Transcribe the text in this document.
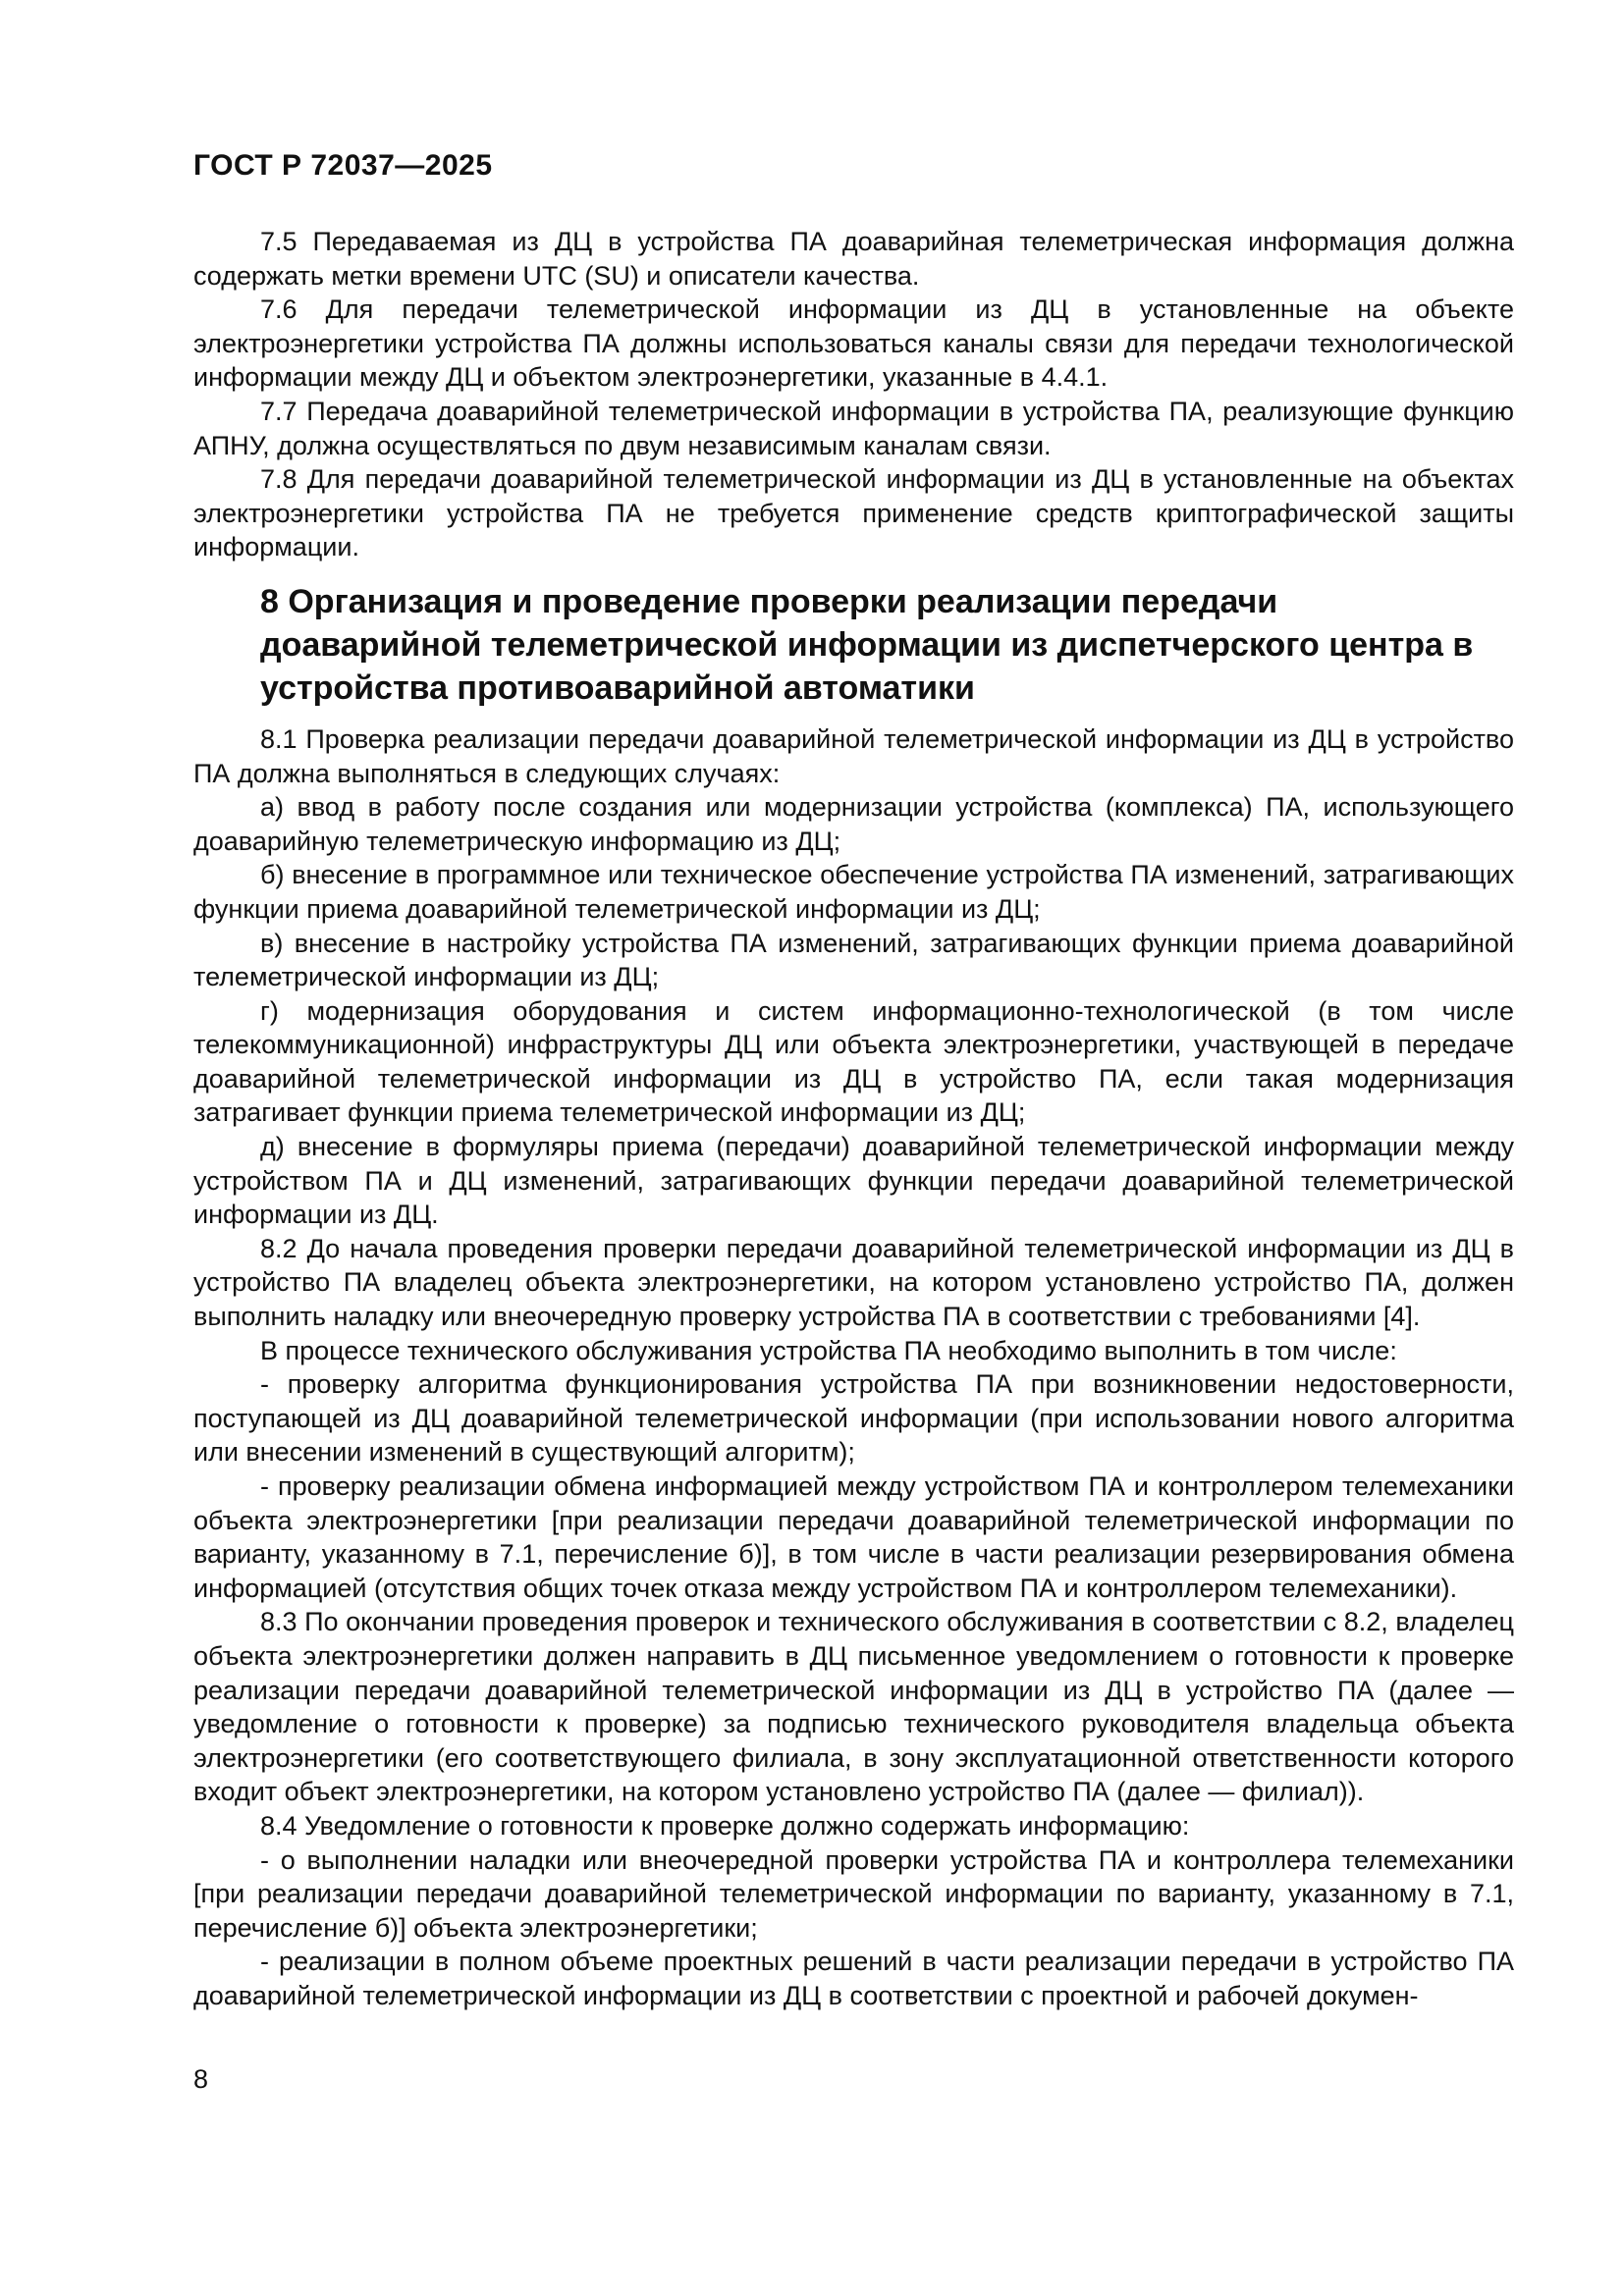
ГОСТ Р 72037—2025

7.5 Передаваемая из ДЦ в устройства ПА доаварийная телеметрическая информация должна содержать метки времени UTC (SU) и описатели качества.

7.6 Для передачи телеметрической информации из ДЦ в установленные на объекте электроэнергетики устройства ПА должны использоваться каналы связи для передачи технологической информации между ДЦ и объектом электроэнергетики, указанные в 4.4.1.

7.7 Передача доаварийной телеметрической информации в устройства ПА, реализующие функцию АПНУ, должна осуществляться по двум независимым каналам связи.

7.8 Для передачи доаварийной телеметрической информации из ДЦ в установленные на объектах электроэнергетики устройства ПА не требуется применение средств криптографической защиты информации.

8 Организация и проведение проверки реализации передачи доаварийной телеметрической информации из диспетчерского центра в устройства противоаварийной автоматики

8.1 Проверка реализации передачи доаварийной телеметрической информации из ДЦ в устройство ПА должна выполняться в следующих случаях:

а) ввод в работу после создания или модернизации устройства (комплекса) ПА, использующего доаварийную телеметрическую информацию из ДЦ;

б) внесение в программное или техническое обеспечение устройства ПА изменений, затрагивающих функции приема доаварийной телеметрической информации из ДЦ;

в) внесение в настройку устройства ПА изменений, затрагивающих функции приема доаварийной телеметрической информации из ДЦ;

г) модернизация оборудования и систем информационно-технологической (в том числе телекоммуникационной) инфраструктуры ДЦ или объекта электроэнергетики, участвующей в передаче доаварийной телеметрической информации из ДЦ в устройство ПА, если такая модернизация затрагивает функции приема телеметрической информации из ДЦ;

д) внесение в формуляры приема (передачи) доаварийной телеметрической информации между устройством ПА и ДЦ изменений, затрагивающих функции передачи доаварийной телеметрической информации из ДЦ.

8.2 До начала проведения проверки передачи доаварийной телеметрической информации из ДЦ в устройство ПА владелец объекта электроэнергетики, на котором установлено устройство ПА, должен выполнить наладку или внеочередную проверку устройства ПА в соответствии с требованиями [4].

В процессе технического обслуживания устройства ПА необходимо выполнить в том числе:

- проверку алгоритма функционирования устройства ПА при возникновении недостоверности, поступающей из ДЦ доаварийной телеметрической информации (при использовании нового алгоритма или внесении изменений в существующий алгоритм);

- проверку реализации обмена информацией между устройством ПА и контроллером телемеханики объекта электроэнергетики [при реализации передачи доаварийной телеметрической информации по варианту, указанному в 7.1, перечисление б)], в том числе в части реализации резервирования обмена информацией (отсутствия общих точек отказа между устройством ПА и контроллером телемеханики).

8.3 По окончании проведения проверок и технического обслуживания в соответствии с 8.2, владелец объекта электроэнергетики должен направить в ДЦ письменное уведомлением о готовности к проверке реализации передачи доаварийной телеметрической информации из ДЦ в устройство ПА (далее — уведомление о готовности к проверке) за подписью технического руководителя владельца объекта электроэнергетики (его соответствующего филиала, в зону эксплуатационной ответственности которого входит объект электроэнергетики, на котором установлено устройство ПА (далее — филиал)).

8.4 Уведомление о готовности к проверке должно содержать информацию:

- о выполнении наладки или внеочередной проверки устройства ПА и контроллера телемеханики [при реализации передачи доаварийной телеметрической информации по варианту, указанному в 7.1, перечисление б)] объекта электроэнергетики;

- реализации в полном объеме проектных решений в части реализации передачи в устройство ПА доаварийной телеметрической информации из ДЦ в соответствии с проектной и рабочей докумен-

8
